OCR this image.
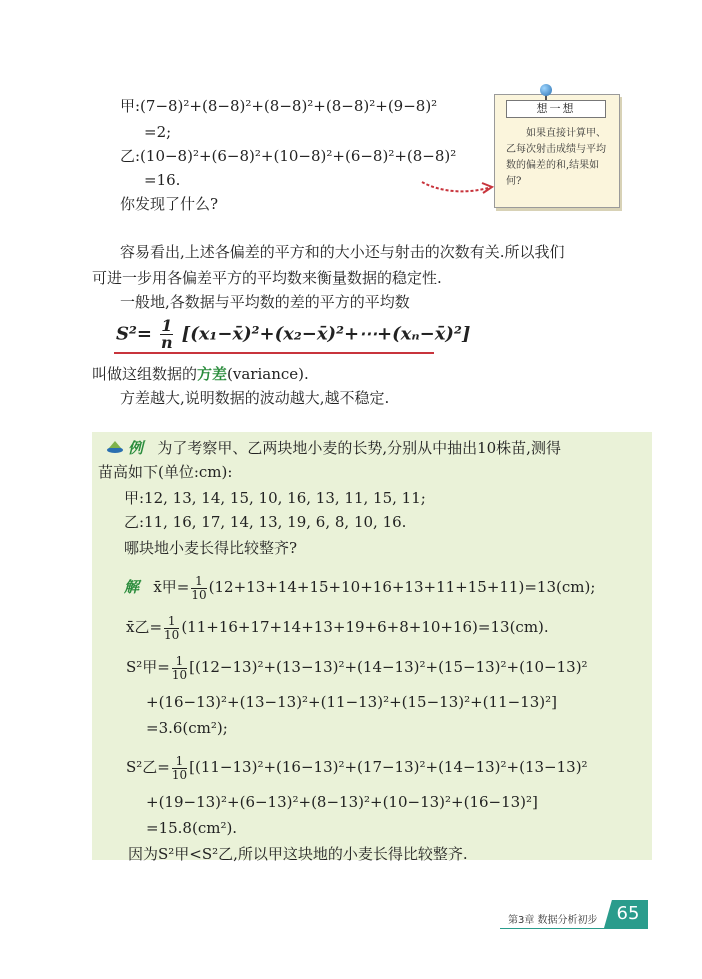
甲:(7−8)²+(8−8)²+(8−8)²+(8−8)²+(9−8)²
=2;
乙:(10−8)²+(6−8)²+(10−8)²+(6−8)²+(8−8)²
=16.
你发现了什么?
想一想
如果直接计算甲、乙每次射击成绩与平均数的偏差的和,结果如何?
容易看出,上述各偏差的平方和的大小还与射击的次数有关.所以我们
可进一步用各偏差平方的平均数来衡量数据的稳定性.
一般地,各数据与平均数的差的平方的平均数
$S^2= \frac{1}{n}$ [(x₁−x̄)²+(x₂−x̄)²+⋯+(xₙ−x̄)²]
叫做这组数据的方差(variance).
方差越大,说明数据的波动越大,越不稳定.
例 为了考察甲、乙两块地小麦的长势,分别从中抽出10株苗,测得
苗高如下(单位:cm):
甲:12, 13, 14, 15, 10, 16, 13, 11, 15, 11;
乙:11, 16, 17, 14, 13, 19, 6, 8, 10, 16.
哪块地小麦长得比较整齐?
解 x̄甲= $\frac{1}{10} (12+13+14+15+10+16+13+11+15+11)=13(cm)$;
x̄乙= $\frac{1}{10} (11+16+17+14+13+19+6+8+10+16)=13(cm)$.
S²甲= $\frac{1}{10} [(12-13)^2+(13-13)^2+(14-13)^2+(15-13)^2+(10-13)^2$
+(16−13)²+(13−13)²+(11−13)²+(15−13)²+(11−13)²]
=3.6(cm²);
S²乙= $\frac{1}{10} [(11-13)^2+(16-13)^2+(17-13)^2+(14-13)^2+(13-13)^2$
+(19−13)²+(6−13)²+(8−13)²+(10−13)²+(16−13)²]
=15.8(cm²).
因为S²甲<S²乙,所以甲这块地的小麦长得比较整齐.
第3章 数据分析初步	65
